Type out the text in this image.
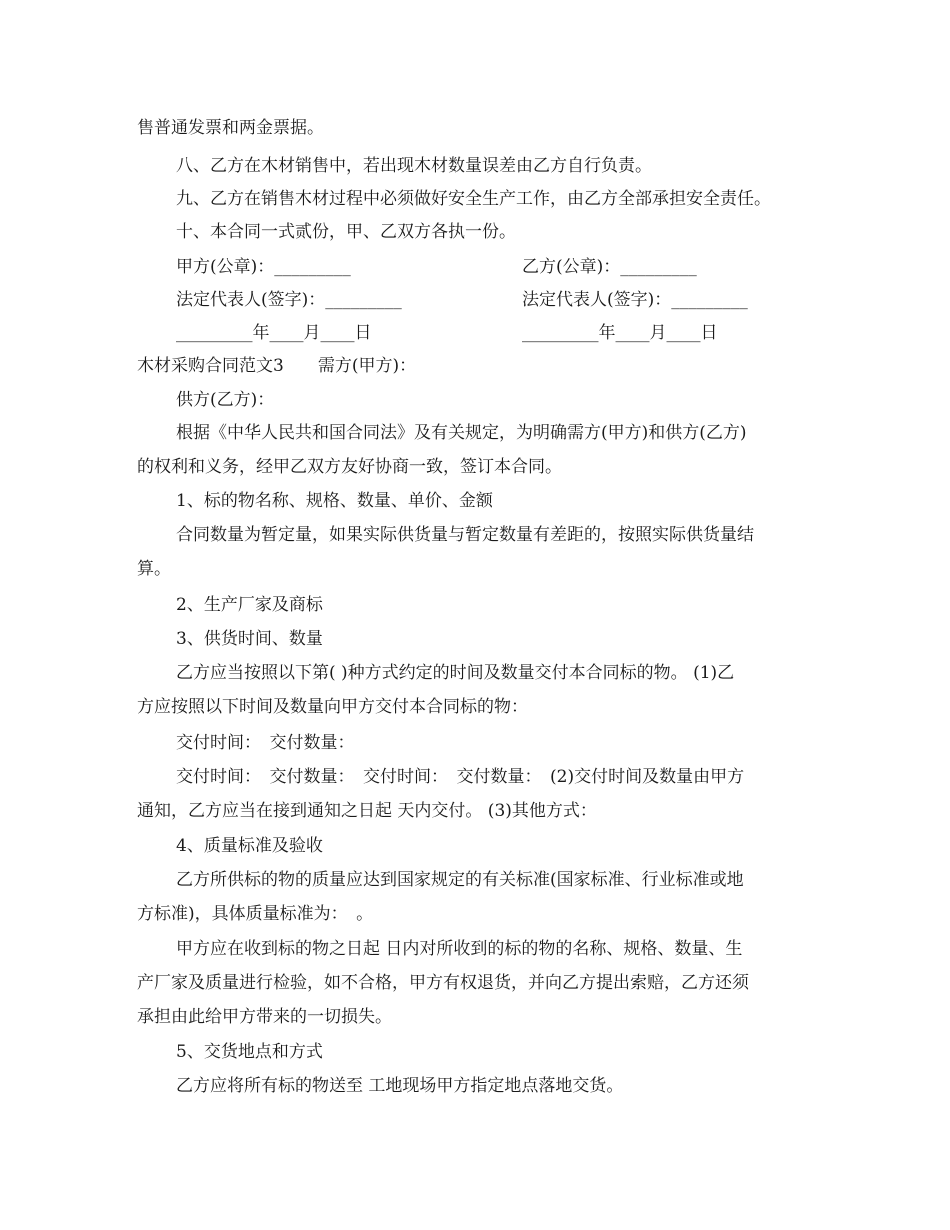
售普通发票和两金票据。
八、乙方在木材销售中，若出现木材数量误差由乙方自行负责。
九、乙方在销售木材过程中必须做好安全生产工作，由乙方全部承担安全责任。
十、本合同一式贰份，甲、乙双方各执一份。
甲方(公章)：_________	乙方(公章)：_________
法定代表人(签字)：_________	法定代表人(签字)：_________
_________年____月____日	_________年____月____日
木材采购合同范文3　　需方(甲方)：
供方(乙方)：
根据《中华人民共和国合同法》及有关规定，为明确需方(甲方)和供方(乙方)
的权利和义务，经甲乙双方友好协商一致，签订本合同。
1、标的物名称、规格、数量、单价、金额
合同数量为暂定量，如果实际供货量与暂定数量有差距的，按照实际供货量结
算。
2、生产厂家及商标
3、供货时间、数量
乙方应当按照以下第( )种方式约定的时间及数量交付本合同标的物。 (1)乙
方应按照以下时间及数量向甲方交付本合同标的物：
交付时间：　交付数量：
交付时间：　交付数量：　交付时间：　交付数量：　(2)交付时间及数量由甲方
通知，乙方应当在接到通知之日起 天内交付。 (3)其他方式：
4、质量标准及验收
乙方所供标的物的质量应达到国家规定的有关标准(国家标准、行业标准或地
方标准)，具体质量标准为：　。
甲方应在收到标的物之日起 日内对所收到的标的物的名称、规格、数量、生
产厂家及质量进行检验，如不合格，甲方有权退货，并向乙方提出索赔，乙方还须
承担由此给甲方带来的一切损失。
5、交货地点和方式
乙方应将所有标的物送至 工地现场甲方指定地点落地交货。
